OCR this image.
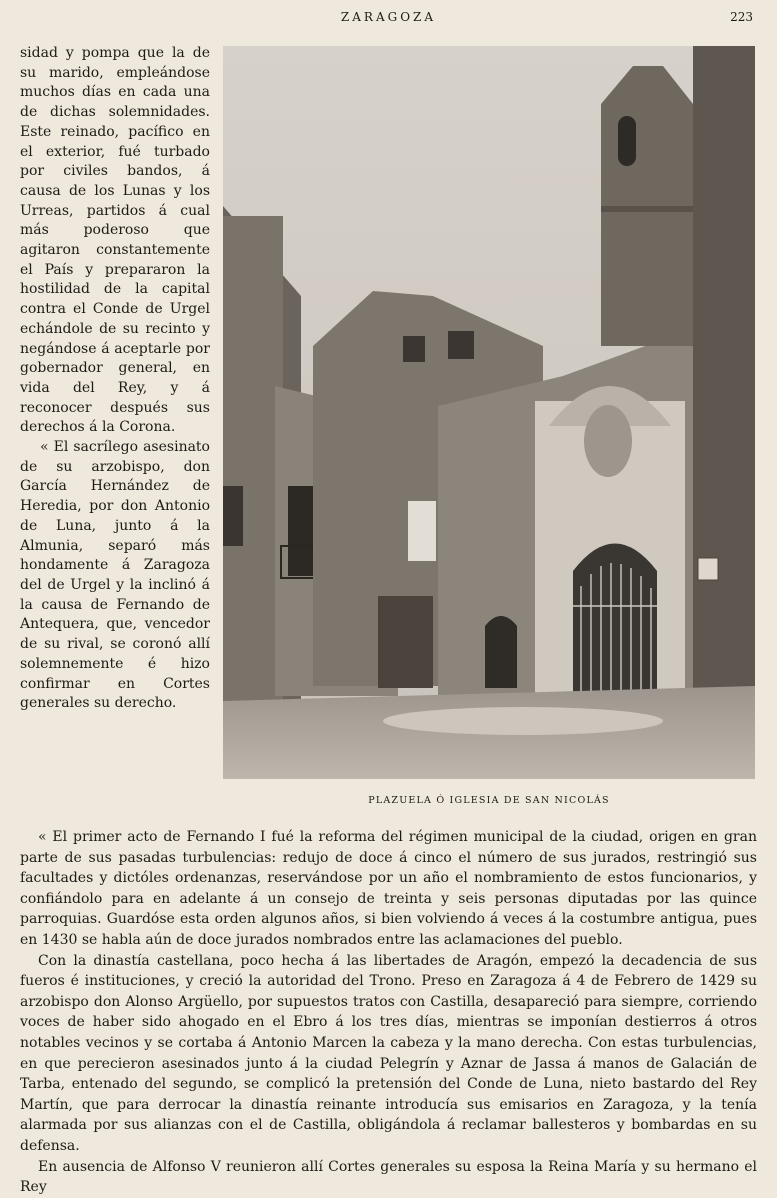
ZARAGOZA	223

sidad y pompa que la de su marido, empleándose muchos días en cada una de dichas solemnidades. Este reinado, pacífico en el exterior, fué turbado por civiles bandos, á causa de los Lunas y los Urreas, partidos á cual más poderoso que agitaron constantemente el País y prepararon la hostilidad de la capital contra el Conde de Urgel echándole de su recinto y negándose á aceptarle por gobernador general, en vida del Rey, y á reconocer después sus derechos á la Corona.

« El sacrílego asesinato de su arzobispo, don García Hernández de Heredia, por don Antonio de Luna, junto á la Almunia, separó más hondamente á Zaragoza del de Urgel y la inclinó á la causa de Fernando de Antequera, que, vencedor de su rival, se coronó allí solemnemente é hizo confirmar en Cortes generales su derecho.

PLAZUELA Ó IGLESIA DE SAN NICOLÁS

« El primer acto de Fernando I fué la reforma del régimen municipal de la ciudad, origen en gran parte de sus pasadas turbulencias: redujo de doce á cinco el número de sus jurados, restringió sus facultades y dictóles ordenanzas, reservándose por un año el nombramiento de estos funcionarios, y confiándolo para en adelante á un consejo de treinta y seis personas diputadas por las quince parroquias. Guardóse esta orden algunos años, si bien volviendo á veces á la costumbre antigua, pues en 1430 se habla aún de doce jurados nombrados entre las aclamaciones del pueblo.

Con la dinastía castellana, poco hecha á las libertades de Aragón, empezó la decadencia de sus fueros é instituciones, y creció la autoridad del Trono. Preso en Zaragoza á 4 de Febrero de 1429 su arzobispo don Alonso Argüello, por supuestos tratos con Castilla, desapareció para siempre, corriendo voces de haber sido ahogado en el Ebro á los tres días, mientras se imponían destierros á otros notables vecinos y se cortaba á Antonio Marcen la cabeza y la mano derecha. Con estas turbulencias, en que perecieron asesinados junto á la ciudad Pelegrín y Aznar de Jassa á manos de Galacián de Tarba, entenado del segundo, se complicó la pretensión del Conde de Luna, nieto bastardo del Rey Martín, que para derrocar la dinastía reinante introducía sus emisarios en Zaragoza, y la tenía alarmada por sus alianzas con el de Castilla, obligándola á reclamar ballesteros y bombardas en su defensa.

En ausencia de Alfonso V reunieron allí Cortes generales su esposa la Reina María y su hermano el Rey
